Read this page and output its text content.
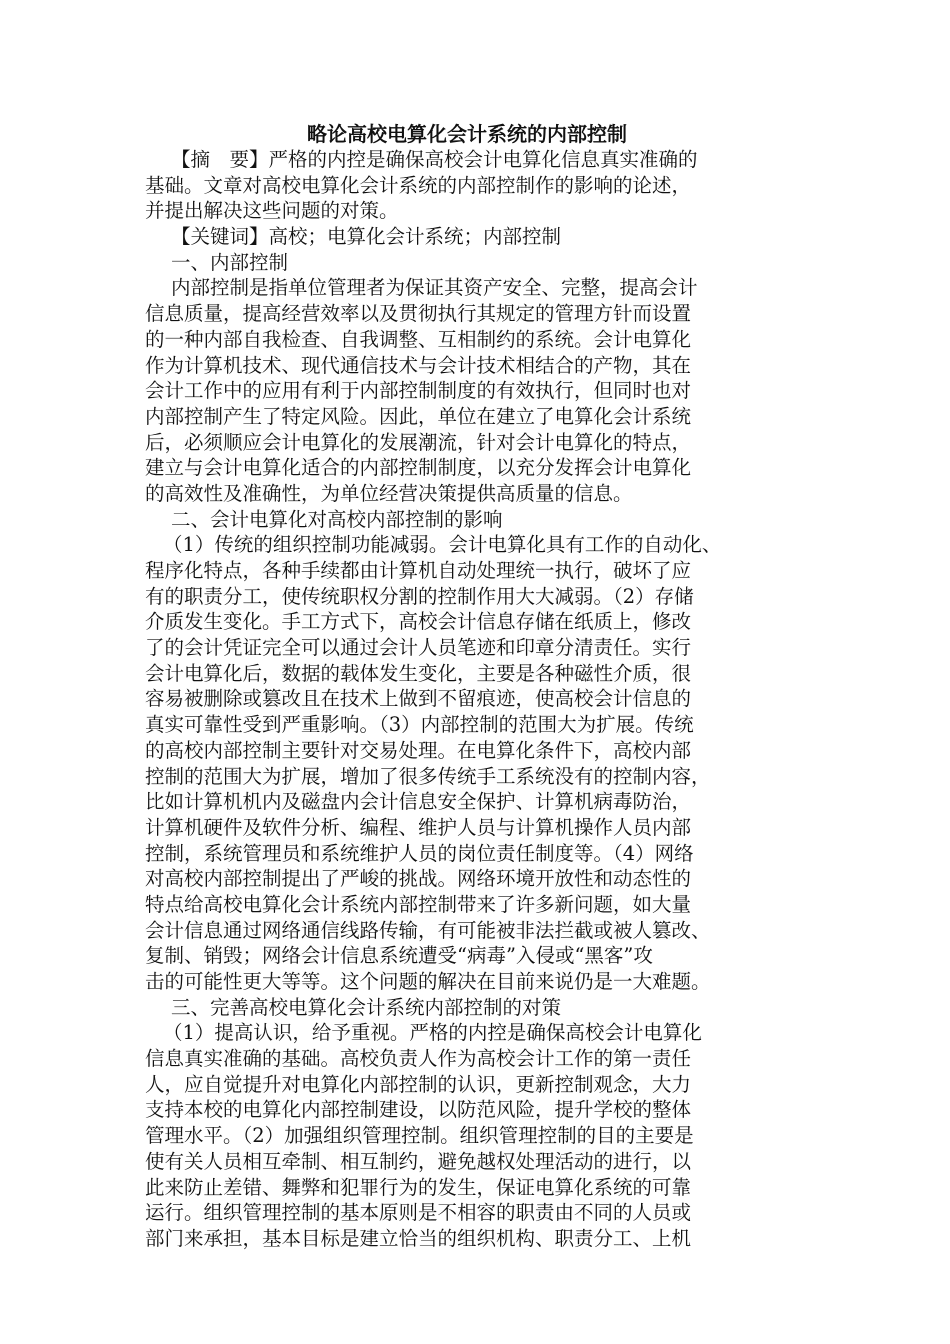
略论高校电算化会计系统的内部控制
【摘　要】严格的内控是确保高校会计电算化信息真实准确的
基础。文章对高校电算化会计系统的内部控制作的影响的论述，
并提出解决这些问题的对策。
【关键词】高校；电算化会计系统；内部控制
一、内部控制
内部控制是指单位管理者为保证其资产安全、完整，提高会计
信息质量，提高经营效率以及贯彻执行其规定的管理方针而设置
的一种内部自我检查、自我调整、互相制约的系统。会计电算化
作为计算机技术、现代通信技术与会计技术相结合的产物，其在
会计工作中的应用有利于内部控制制度的有效执行，但同时也对
内部控制产生了特定风险。因此，单位在建立了电算化会计系统
后，必须顺应会计电算化的发展潮流，针对会计电算化的特点，
建立与会计电算化适合的内部控制制度，以充分发挥会计电算化
的高效性及准确性，为单位经营决策提供高质量的信息。
二、会计电算化对高校内部控制的影响
（1）传统的组织控制功能减弱。会计电算化具有工作的自动化、
程序化特点，各种手续都由计算机自动处理统一执行，破坏了应
有的职责分工，使传统职权分割的控制作用大大减弱。（2）存储
介质发生变化。手工方式下，高校会计信息存储在纸质上，修改
了的会计凭证完全可以通过会计人员笔迹和印章分清责任。实行
会计电算化后，数据的载体发生变化，主要是各种磁性介质，很
容易被删除或篡改且在技术上做到不留痕迹，使高校会计信息的
真实可靠性受到严重影响。（3）内部控制的范围大为扩展。传统
的高校内部控制主要针对交易处理。在电算化条件下，高校内部
控制的范围大为扩展，增加了很多传统手工系统没有的控制内容，
比如计算机机内及磁盘内会计信息安全保护、计算机病毒防治，
计算机硬件及软件分析、编程、维护人员与计算机操作人员内部
控制，系统管理员和系统维护人员的岗位责任制度等。（4）网络
对高校内部控制提出了严峻的挑战。网络环境开放性和动态性的
特点给高校电算化会计系统内部控制带来了许多新问题，如大量
会计信息通过网络通信线路传输，有可能被非法拦截或被人篡改、
复制、销毁；网络会计信息系统遭受“病毒”入侵或“黑客”攻
击的可能性更大等等。这个问题的解决在目前来说仍是一大难题。
三、完善高校电算化会计系统内部控制的对策
（1）提高认识，给予重视。严格的内控是确保高校会计电算化
信息真实准确的基础。高校负责人作为高校会计工作的第一责任
人，应自觉提升对电算化内部控制的认识，更新控制观念，大力
支持本校的电算化内部控制建设，以防范风险，提升学校的整体
管理水平。（2）加强组织管理控制。组织管理控制的目的主要是
使有关人员相互牵制、相互制约，避免越权处理活动的进行，以
此来防止差错、舞弊和犯罪行为的发生，保证电算化系统的可靠
运行。组织管理控制的基本原则是不相容的职责由不同的人员或
部门来承担，基本目标是建立恰当的组织机构、职责分工、上机
